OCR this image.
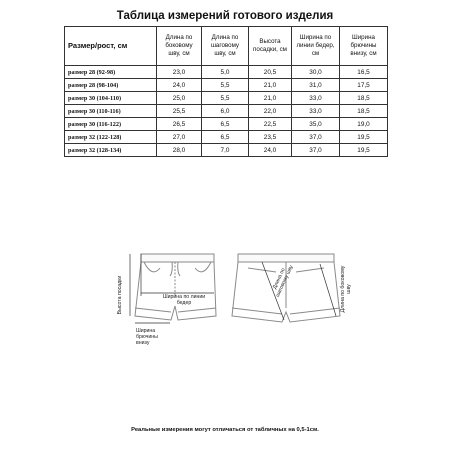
Таблица измерений готового изделия
Размер/рост, см	Длина по боковому шву, см	Длина по шаговому шву, см	Высота посадки, см	Ширина по линии бедер, см	Ширина брючины внизу, см
размер 28 (92-98)	23,0	5,0	20,5	30,0	16,5
размер 28 (98-104)	24,0	5,5	21,0	31,0	17,5
размер 30 (104-110)	25,0	5,5	21,0	33,0	18,5
размер 30 (110-116)	25,5	6,0	22,0	33,0	18,5
размер 30 (116-122)	26,5	6,5	22,5	35,0	19,0
размер 32 (122-128)	27,0	6,5	23,5	37,0	19,5
размер 32 (128-134)	28,0	7,0	24,0	37,0	19,5
Высота посадки	Ширина по линии бедер
Ширина брючины внизу
Длина по шаговому шву	Длина по боковому шву
Реальные измерения могут отличаться от табличных на 0,5-1см.
